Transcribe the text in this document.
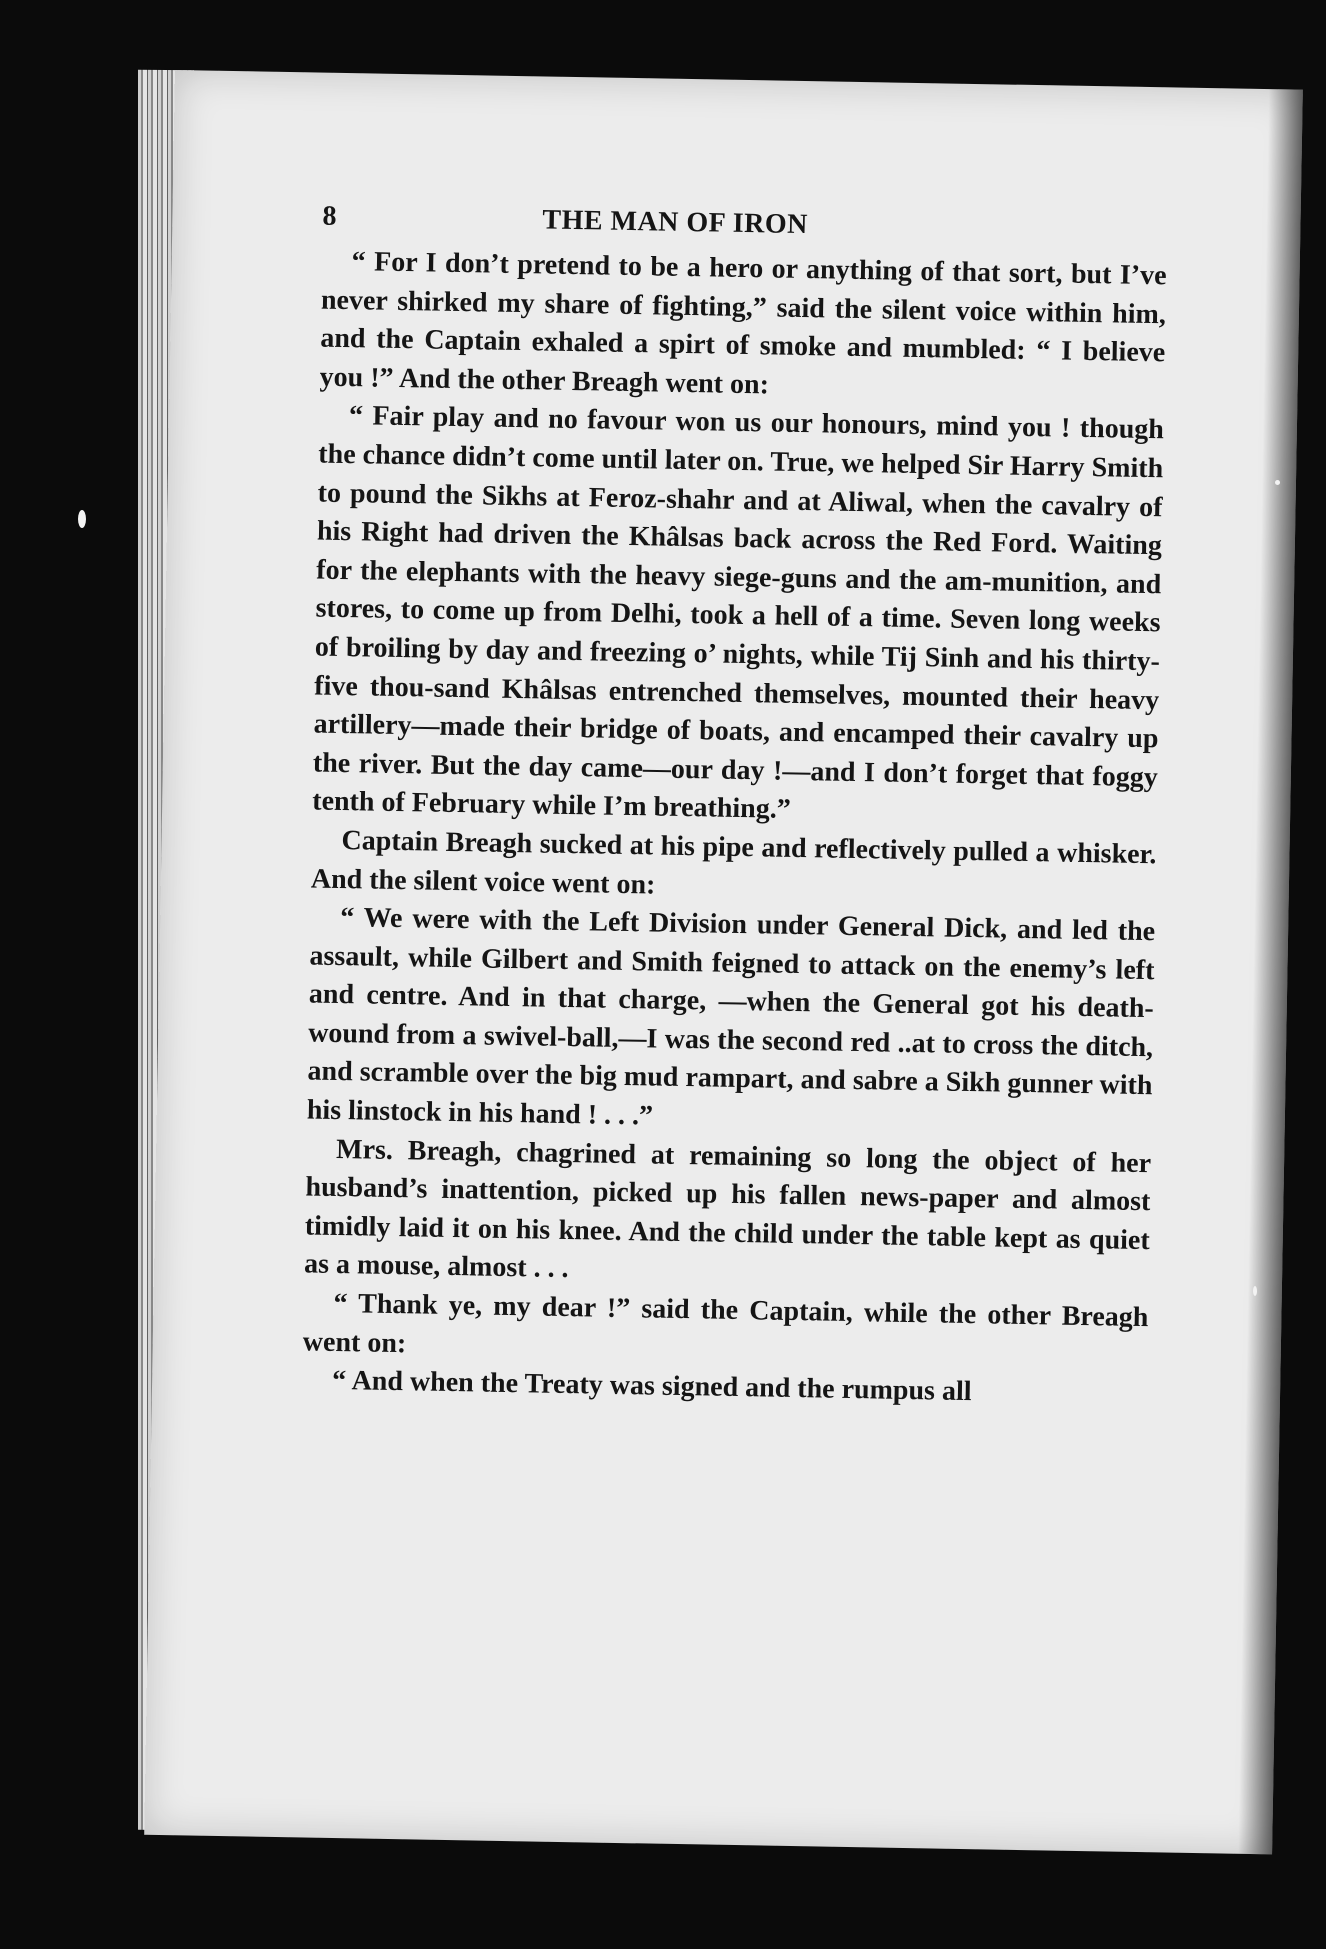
8	THE MAN OF IRON

“ For I don’t pretend to be a hero or anything of that sort, but I’ve never shirked my share of fighting,” said the silent voice within him, and the Captain exhaled a spirt of smoke and mumbled: “ I believe you !” And the other Breagh went on:

“ Fair play and no favour won us our honours, mind you ! though the chance didn’t come until later on. True, we helped Sir Harry Smith to pound the Sikhs at Feroz-shahr and at Aliwal, when the cavalry of his Right had driven the Khâlsas back across the Red Ford. Waiting for the elephants with the heavy siege-guns and the am-munition, and stores, to come up from Delhi, took a hell of a time. Seven long weeks of broiling by day and freezing o’ nights, while Tij Sinh and his thirty-five thou-sand Khâlsas entrenched themselves, mounted their heavy artillery—made their bridge of boats, and encamped their cavalry up the river. But the day came—our day !—and I don’t forget that foggy tenth of February while I’m breathing.”

Captain Breagh sucked at his pipe and reflectively pulled a whisker. And the silent voice went on:

“ We were with the Left Division under General Dick, and led the assault, while Gilbert and Smith feigned to attack on the enemy’s left and centre. And in that charge, —when the General got his death-wound from a swivel-ball,—I was the second red ..at to cross the ditch, and scramble over the big mud rampart, and sabre a Sikh gunner with his linstock in his hand ! . . .”

Mrs. Breagh, chagrined at remaining so long the object of her husband’s inattention, picked up his fallen news-paper and almost timidly laid it on his knee. And the child under the table kept as quiet as a mouse, almost . . .

“ Thank ye, my dear !” said the Captain, while the other Breagh went on:

“ And when the Treaty was signed and the rumpus all
